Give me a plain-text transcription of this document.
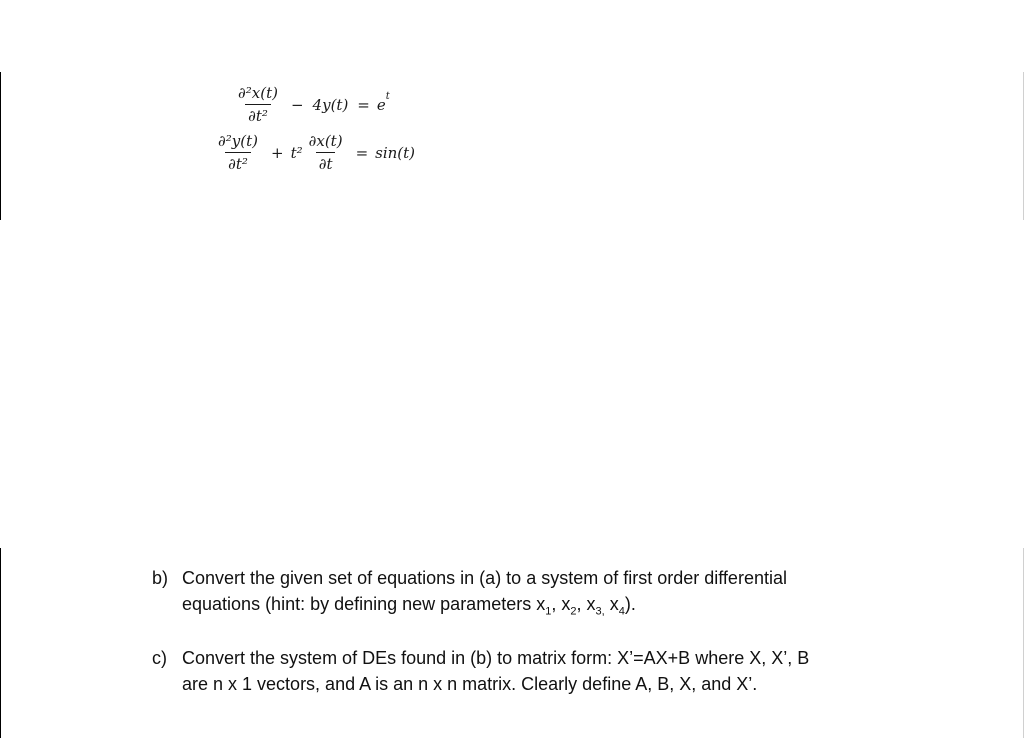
$\frac{\text{∂²x(t)}}{\text{∂t²}} - 4y(t) = e$ t
$\frac{\text{∂²y(t)}}{\text{∂t²}} + t^2 \frac{\partial x(t)}{\partial t} = \sin(t)$
b) Convert the given set of equations in (a) to a system of first order differential
equations (hint: by defining new parameters $x_1$, $x_2$, $x_{3,}$ $x_4$).
c) Convert the system of DEs found in (b) to matrix form: X’=AX+B where X, X’, B
are n x 1 vectors, and A is an n x n matrix. Clearly define A, B, X, and X’.
